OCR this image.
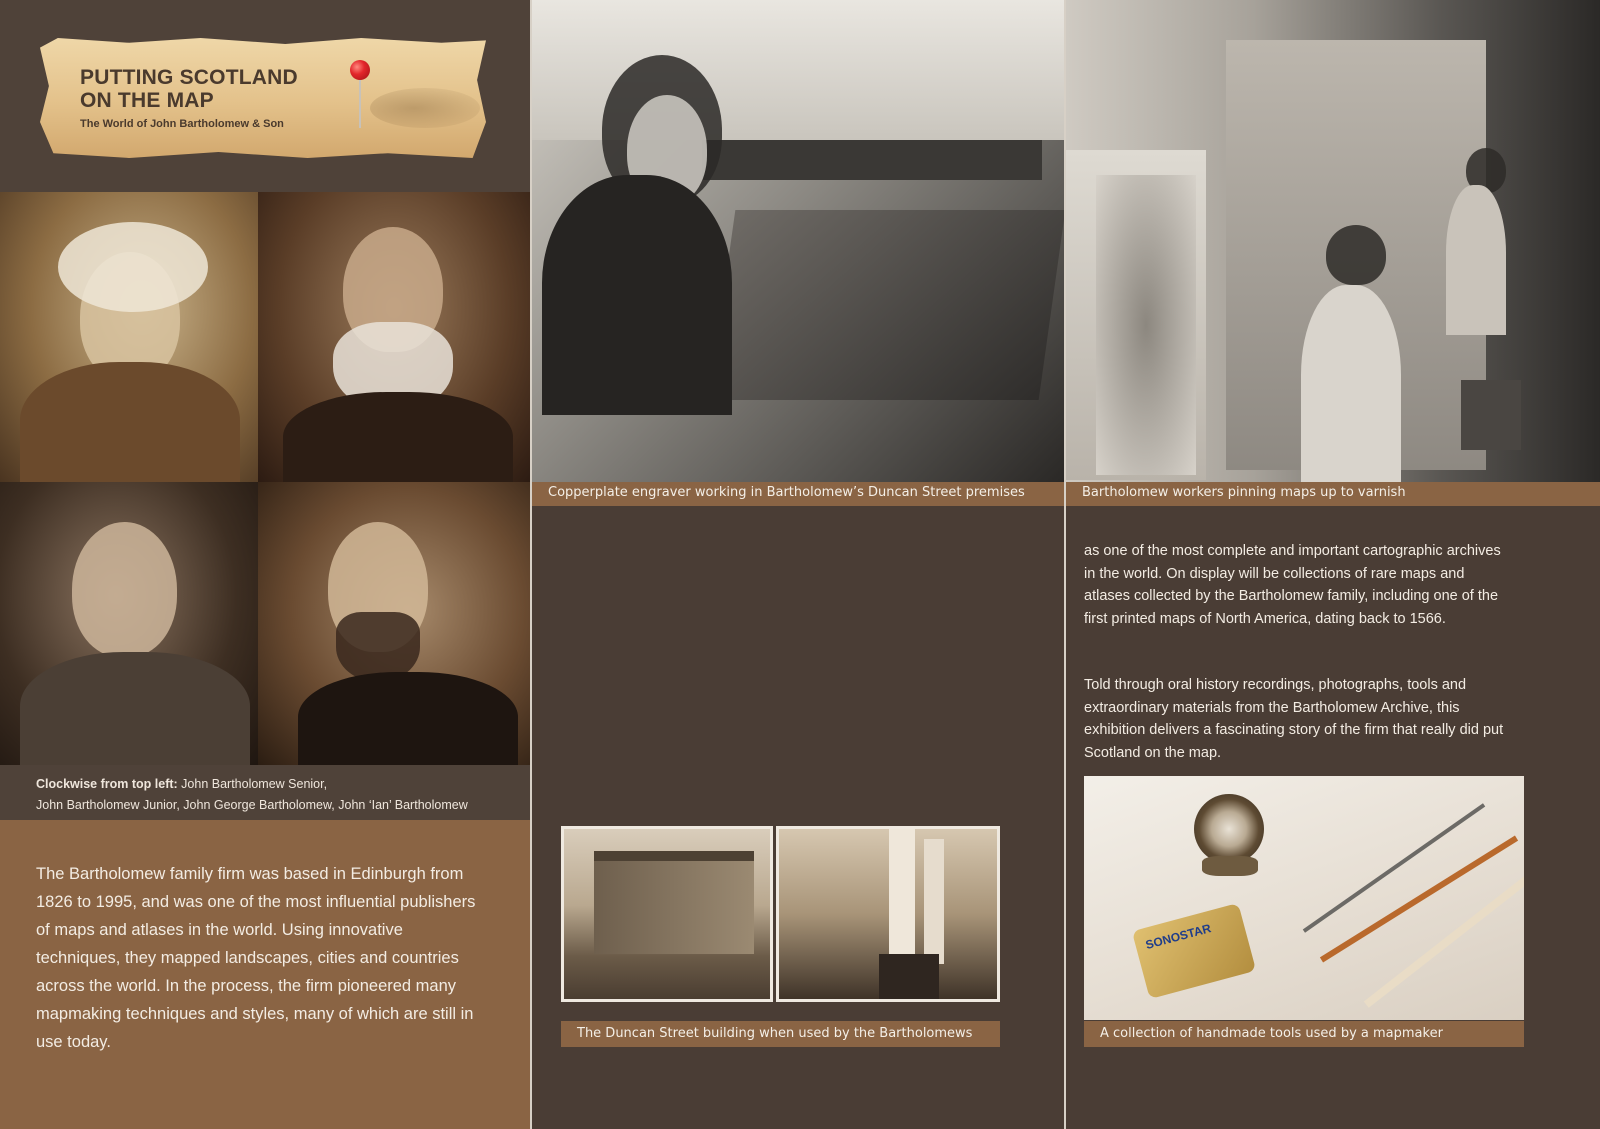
PUTTING SCOTLAND
ON THE MAP
The World of John Bartholomew & Son
Clockwise from top left: John Bartholomew Senior,
John Bartholomew Junior, John George Bartholomew, John ‘Ian’ Bartholomew
The Bartholomew family firm was based in Edinburgh from 1826 to 1995, and was one of the most influential publishers of maps and atlases in the world. Using innovative techniques, they mapped landscapes, cities and countries across the world. In the process, the firm pioneered many mapmaking techniques and styles, many of which are still in use today.
Copperplate engraver working in Bartholomew’s Duncan Street premises
The Duncan Street building when used by the Bartholomews
Bartholomew workers pinning maps up to varnish
as one of the most complete and important cartographic archives in the world. On display will be collections of rare maps and atlases collected by the Bartholomew family, including one of the first printed maps of North America, dating back to 1566.
Told through oral history recordings, photographs, tools and extraordinary materials from the Bartholomew Archive, this exhibition delivers a fascinating story of the firm that really did put Scotland on the map.
SONOSTAR
A collection of handmade tools used by a mapmaker
